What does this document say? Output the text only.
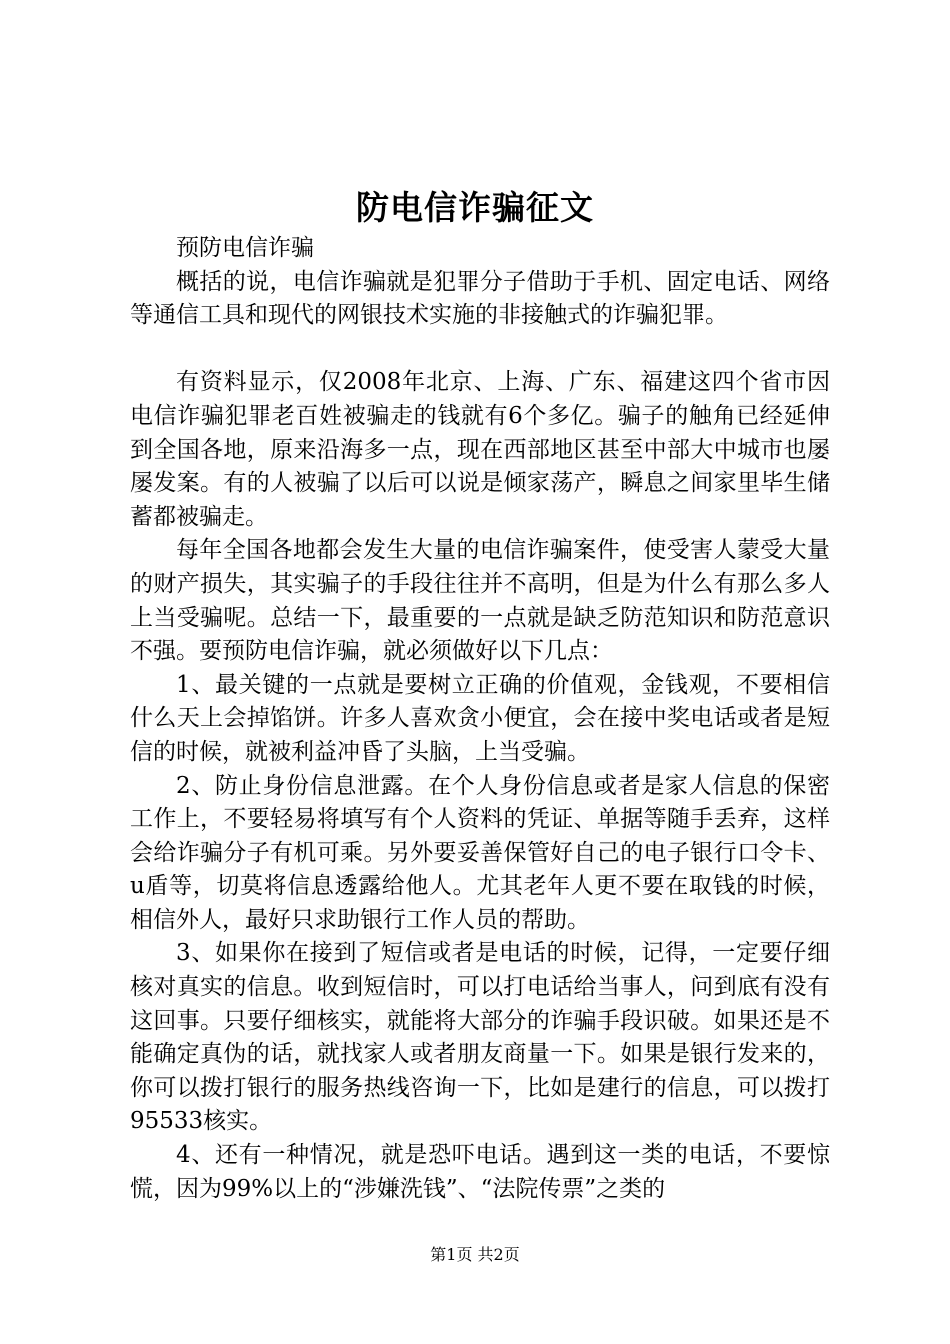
防电信诈骗征文

预防电信诈骗

概括的说，电信诈骗就是犯罪分子借助于手机、固定电话、网络等通信工具和现代的网银技术实施的非接触式的诈骗犯罪。

有资料显示，仅2008年北京、上海、广东、福建这四个省市因电信诈骗犯罪老百姓被骗走的钱就有6个多亿。骗子的触角已经延伸到全国各地，原来沿海多一点，现在西部地区甚至中部大中城市也屡屡发案。有的人被骗了以后可以说是倾家荡产，瞬息之间家里毕生储蓄都被骗走。

每年全国各地都会发生大量的电信诈骗案件，使受害人蒙受大量的财产损失，其实骗子的手段往往并不高明，但是为什么有那么多人上当受骗呢。总结一下，最重要的一点就是缺乏防范知识和防范意识不强。要预防电信诈骗，就必须做好以下几点：

1、最关键的一点就是要树立正确的价值观，金钱观，不要相信什么天上会掉馅饼。许多人喜欢贪小便宜，会在接中奖电话或者是短信的时候，就被利益冲昏了头脑，上当受骗。

2、防止身份信息泄露。在个人身份信息或者是家人信息的保密工作上，不要轻易将填写有个人资料的凭证、单据等随手丢弃，这样会给诈骗分子有机可乘。另外要妥善保管好自己的电子银行口令卡、u盾等，切莫将信息透露给他人。尤其老年人更不要在取钱的时候，相信外人，最好只求助银行工作人员的帮助。

3、如果你在接到了短信或者是电话的时候，记得，一定要仔细核对真实的信息。收到短信时，可以打电话给当事人，问到底有没有这回事。只要仔细核实，就能将大部分的诈骗手段识破。如果还是不能确定真伪的话，就找家人或者朋友商量一下。如果是银行发来的，你可以拨打银行的服务热线咨询一下，比如是建行的信息，可以拨打95533核实。

4、还有一种情况，就是恐吓电话。遇到这一类的电话，不要惊慌，因为99%以上的“涉嫌洗钱”、“法院传票”之类的

第1页 共2页
